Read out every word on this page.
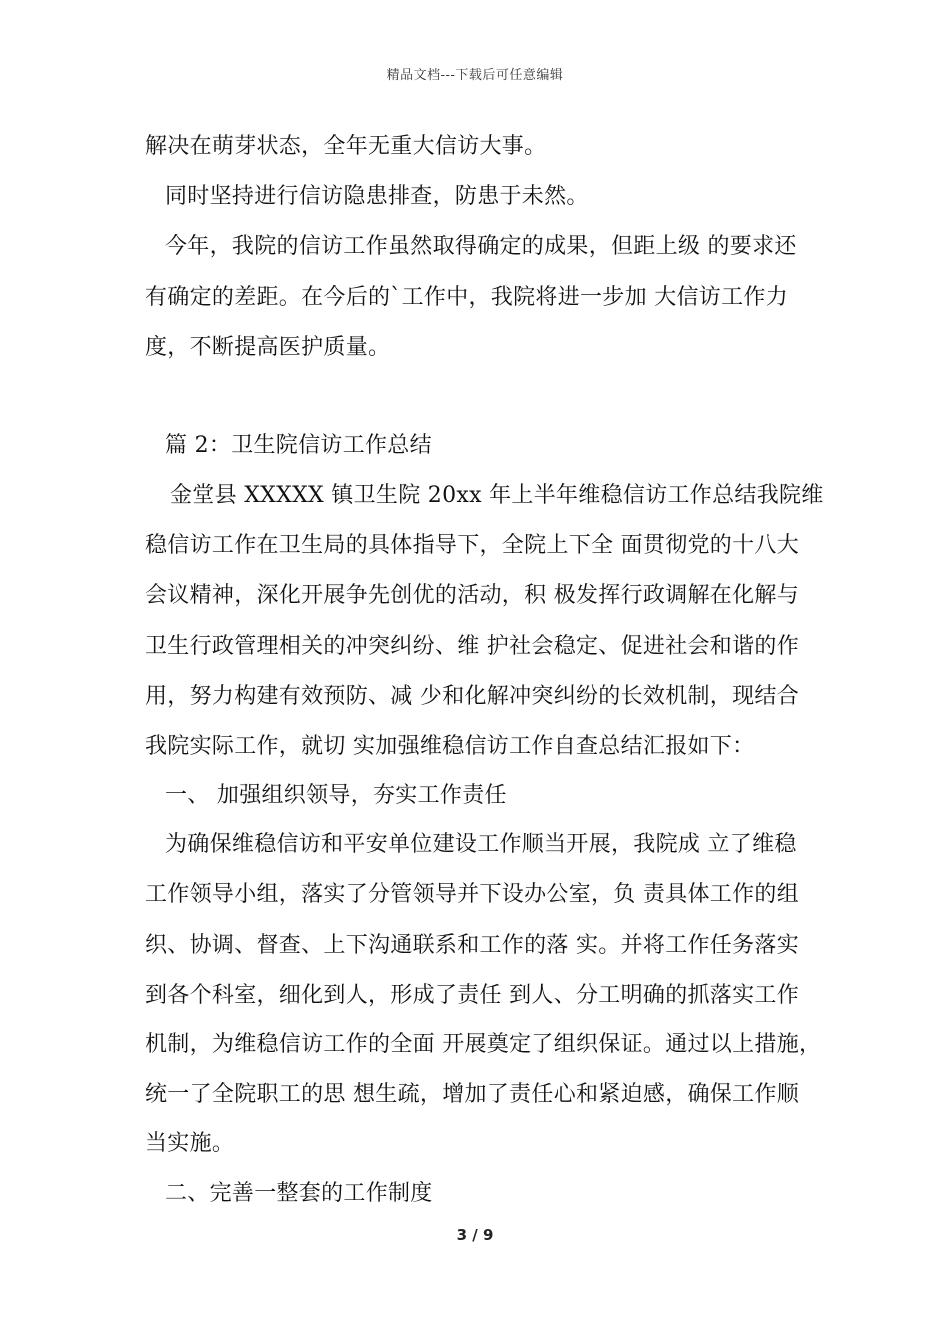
精品文档---下载后可任意编辑
解决在萌芽状态，全年无重大信访大事。
同时坚持进行信访隐患排查，防患于未然。
今年，我院的信访工作虽然取得确定的成果，但距上级 的要求还
有确定的差距。在今后的`工作中，我院将进一步加 大信访工作力
度，不断提高医护质量。
篇 2：卫生院信访工作总结
金堂县 XXXXX 镇卫生院 20xx 年上半年维稳信访工作总结我院维
稳信访工作在卫生局的具体指导下，全院上下全 面贯彻党的十八大
会议精神，深化开展争先创优的活动，积 极发挥行政调解在化解与
卫生行政管理相关的冲突纠纷、维 护社会稳定、促进社会和谐的作
用，努力构建有效预防、减 少和化解冲突纠纷的长效机制，现结合
我院实际工作，就切 实加强维稳信访工作自查总结汇报如下：
一、 加强组织领导，夯实工作责任
为确保维稳信访和平安单位建设工作顺当开展，我院成 立了维稳
工作领导小组，落实了分管领导并下设办公室，负 责具体工作的组
织、协调、督查、上下沟通联系和工作的落 实。并将工作任务落实
到各个科室，细化到人，形成了责任 到人、分工明确的抓落实工作
机制，为维稳信访工作的全面 开展奠定了组织保证。通过以上措施，
统一了全院职工的思 想生疏，增加了责任心和紧迫感，确保工作顺
当实施。
二、完善一整套的工作制度
3 / 9
